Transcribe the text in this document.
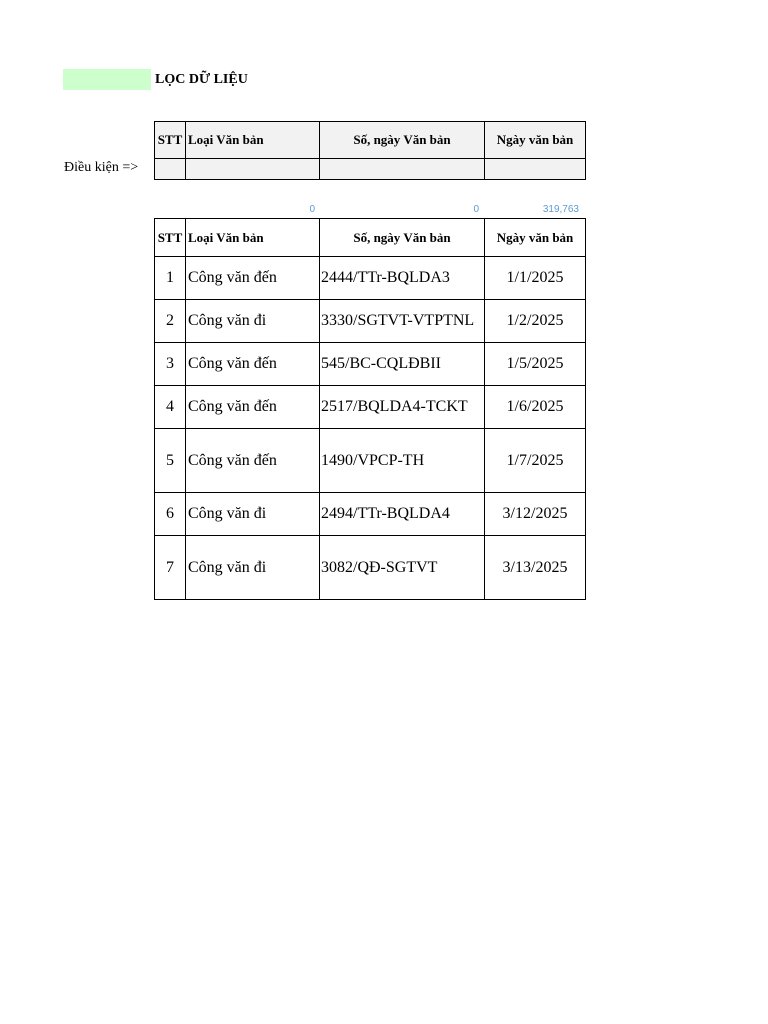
LỌC DỮ LIỆU
Điều kiện =>
STT	Loại Văn bản	Số, ngày Văn bản	Ngày văn bản

0	0	319,763
STT	Loại Văn bản	Số, ngày Văn bản	Ngày văn bản
1	Công văn đến	2444/TTr-BQLDA3	1/1/2025
2	Công văn đi	3330/SGTVT-VTPTNL	1/2/2025
3	Công văn đến	545/BC-CQLĐBII	1/5/2025
4	Công văn đến	2517/BQLDA4-TCKT	1/6/2025
5	Công văn đến	1490/VPCP-TH	1/7/2025
6	Công văn đi	2494/TTr-BQLDA4	3/12/2025
7	Công văn đi	3082/QĐ-SGTVT	3/13/2025
